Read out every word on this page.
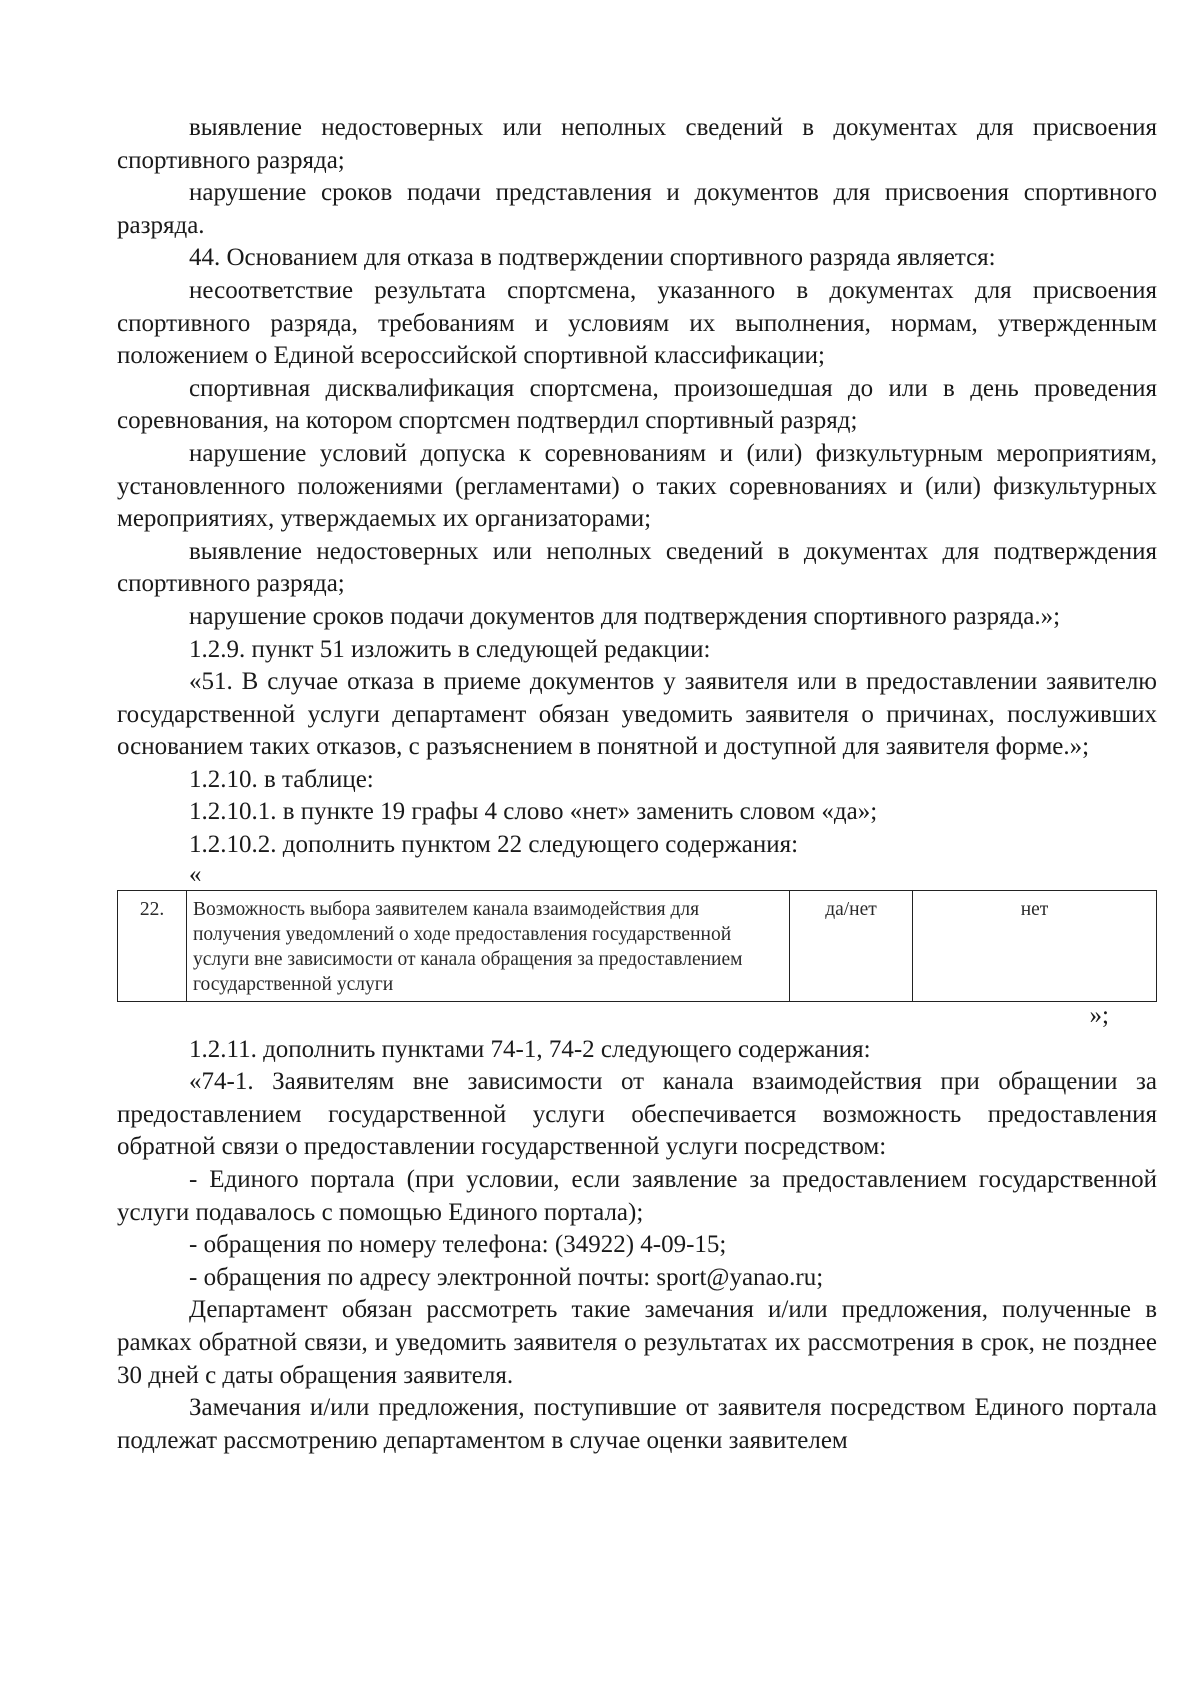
выявление недостоверных или неполных сведений в документах для присвоения спортивного разряда;

нарушение сроков подачи представления и документов для присвоения спортивного разряда.

44. Основанием для отказа в подтверждении спортивного разряда является:

несоответствие результата спортсмена, указанного в документах для присвоения спортивного разряда, требованиям и условиям их выполнения, нормам, утвержденным положением о Единой всероссийской спортивной классификации;

спортивная дисквалификация спортсмена, произошедшая до или в день проведения соревнования, на котором спортсмен подтвердил спортивный разряд;

нарушение условий допуска к соревнованиям и (или) физкультурным мероприятиям, установленного положениями (регламентами) о таких соревнованиях и (или) физкультурных мероприятиях, утверждаемых их организаторами;

выявление недостоверных или неполных сведений в документах для подтверждения спортивного разряда;

нарушение сроков подачи документов для подтверждения спортивного разряда.»;

1.2.9. пункт 51 изложить в следующей редакции:

«51. В случае отказа в приеме документов у заявителя или в предоставлении заявителю государственной услуги департамент обязан уведомить заявителя о причинах, послуживших основанием таких отказов, с разъяснением в понятной и доступной для заявителя форме.»;

1.2.10. в таблице:

1.2.10.1. в пункте 19 графы 4 слово «нет» заменить словом «да»;

1.2.10.2. дополнить пунктом 22 следующего содержания:

«
22.	Возможность выбора заявителем канала взаимодействия для получения уведомлений о ходе предоставления государственной услуги вне зависимости от канала обращения за предоставлением государственной услуги	да/нет	нет
»;

1.2.11. дополнить пунктами 74-1, 74-2 следующего содержания:

«74-1. Заявителям вне зависимости от канала взаимодействия при обращении за предоставлением государственной услуги обеспечивается возможность предоставления обратной связи о предоставлении государственной услуги посредством:

- Единого портала (при условии, если заявление за предоставлением государственной услуги подавалось с помощью Единого портала);

- обращения по номеру телефона: (34922) 4-09-15;

- обращения по адресу электронной почты: sport@yanao.ru;

Департамент обязан рассмотреть такие замечания и/или предложения, полученные в рамках обратной связи, и уведомить заявителя о результатах их рассмотрения в срок, не позднее 30 дней с даты обращения заявителя.

Замечания и/или предложения, поступившие от заявителя посредством Единого портала подлежат рассмотрению департаментом в случае оценки заявителем
